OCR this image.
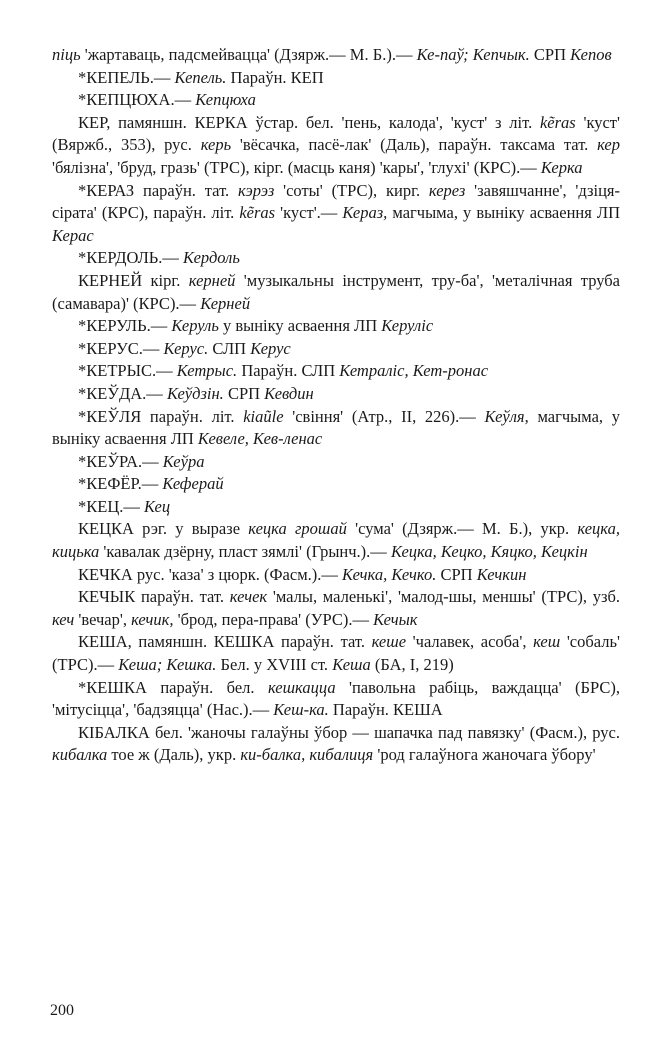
піць 'жартаваць, падсмейвацца' (Дзярж.— М. Б.).— Ке-паў; Кепчык. СРП Кепов

*КЕПЕЛЬ.— Кепель. Параўн. КЕП

*КЕПЦЮХА.— Кепцюха

КЕР, памяншн. КЕРКА ўстар. бел. 'пень, калода', 'куст' з літ. kẽras 'куст' (Вяржб., 353), рус. керь 'вёсачка, пасё-лак' (Даль), параўн. таксама тат. кер 'бялізна', 'бруд, гразь' (ТРС), кірг. (масць каня) 'кары', 'глухі' (КРС).— Керка

*КЕРАЗ параўн. тат. кэрэз 'соты' (ТРС), кирг. керез 'завяшчанне', 'дзіця-сірата' (КРС), параўн. літ. kẽras 'куст'.— Кераз, магчыма, у выніку асваення ЛП Керас

*КЕРДОЛЬ.— Кердоль

КЕРНЕЙ кірг. керней 'музыкальны інструмент, тру-ба', 'металічная труба (самавара)' (КРС).— Керней

*КЕРУЛЬ.— Керуль у выніку асваення ЛП Керуліс

*КЕРУС.— Керус. СЛП Керус

*КЕТРЫС.— Кетрыс. Параўн. СЛП Кетраліс, Кет-ронас

*КЕЎДА.— Кеўдзін. СРП Кевдин

*КЕЎЛЯ параўн. літ. kiaũle 'свіння' (Атр., II, 226).— Кеўля, магчыма, у выніку асваення ЛП Кевеле, Кев-ленас

*КЕЎРА.— Кеўра

*КЕФЁР.— Кеферай

*КЕЦ.— Кец

КЕЦКА рэг. у выразе кецка грошай 'сума' (Дзярж.— М. Б.), укр. кецка, кицька 'кавалак дзёрну, пласт зямлі' (Грынч.).— Кецка, Кецко, Кяцко, Кецкін

КЕЧКА рус. 'каза' з цюрк. (Фасм.).— Кечка, Кечко. СРП Кечкин

КЕЧЫК параўн. тат. кечек 'малы, маленькі', 'малод-шы, меншы' (ТРС), узб. кеч 'вечар', кечик, 'брод, пера-права' (УРС).— Кечык

КЕША, памяншн. КЕШКА параўн. тат. кеше 'чалавек, асоба', кеш 'собаль' (ТРС).— Кеша; Кешка. Бел. у XVIII ст. Кеша (БА, I, 219)

*КЕШКА параўн. бел. кешкацца 'павольна рабіць, важдацца' (БРС), 'мітусіцца', 'бадзяцца' (Нас.).— Кеш-ка. Параўн. КЕША

КІБАЛКА бел. 'жаночы галаўны ўбор — шапачка пад павязку' (Фасм.), рус. кибалка тое ж (Даль), укр. ки-балка, кибалиця 'род галаўнога жаночага ўбору'

200
